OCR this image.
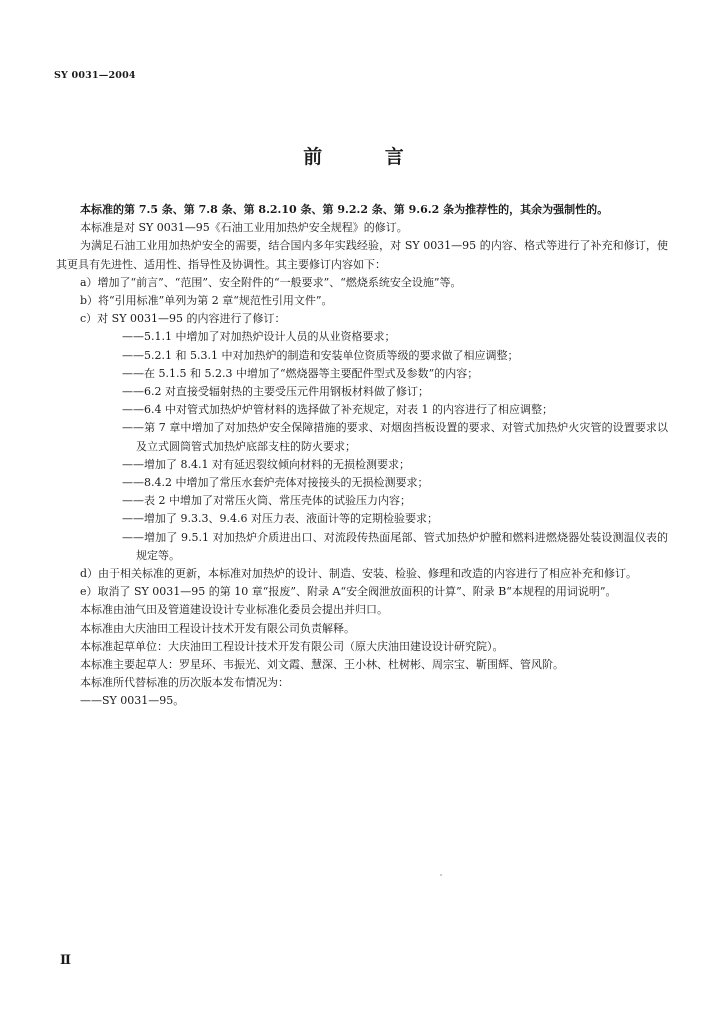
SY 0031—2004
前 言

本标准的第 7.5 条、第 7.8 条、第 8.2.10 条、第 9.2.2 条、第 9.6.2 条为推荐性的，其余为强制性的。

本标准是对 SY 0031—95《石油工业用加热炉安全规程》的修订。

为满足石油工业用加热炉安全的需要，结合国内多年实践经验，对 SY 0031—95 的内容、格式等进行了补充和修订，使其更具有先进性、适用性、指导性及协调性。其主要修订内容如下：

a）增加了“前言”、“范围”、安全附件的“一般要求”、“燃烧系统安全设施”等。

b）将“引用标准”单列为第 2 章“规范性引用文件”。

c）对 SY 0031—95 的内容进行了修订：

——5.1.1 中增加了对加热炉设计人员的从业资格要求；

——5.2.1 和 5.3.1 中对加热炉的制造和安装单位资质等级的要求做了相应调整；

——在 5.1.5 和 5.2.3 中增加了“燃烧器等主要配件型式及参数”的内容；

——6.2 对直接受辐射热的主要受压元件用钢板材料做了修订；

——6.4 中对管式加热炉炉管材料的选择做了补充规定，对表 1 的内容进行了相应调整；

——第 7 章中增加了对加热炉安全保障措施的要求、对烟囱挡板设置的要求、对管式加热炉火灾管的设置要求以及立式圆筒管式加热炉底部支柱的防火要求；

——增加了 8.4.1 对有延迟裂纹倾向材料的无损检测要求；

——8.4.2 中增加了常压水套炉壳体对接接头的无损检测要求；

——表 2 中增加了对常压火筒、常压壳体的试验压力内容；

——增加了 9.3.3、9.4.6 对压力表、液面计等的定期检验要求；

——增加了 9.5.1 对加热炉介质进出口、对流段传热面尾部、管式加热炉炉膛和燃料进燃烧器处装设测温仪表的规定等。

d）由于相关标准的更新，本标准对加热炉的设计、制造、安装、检验、修理和改造的内容进行了相应补充和修订。

e）取消了 SY 0031—95 的第 10 章“报废”、附录 A“安全阀泄放面积的计算”、附录 B“本规程的用词说明”。

本标准由油气田及管道建设设计专业标准化委员会提出并归口。

本标准由大庆油田工程设计技术开发有限公司负责解释。

本标准起草单位：大庆油田工程设计技术开发有限公司（原大庆油田建设设计研究院）。

本标准主要起草人：罗星环、韦振光、刘文霞、慧深、王小林、杜树彬、周宗宝、靳围辉、管风阶。

本标准所代替标准的历次版本发布情况为：

——SY 0031—95。

Ⅱ
